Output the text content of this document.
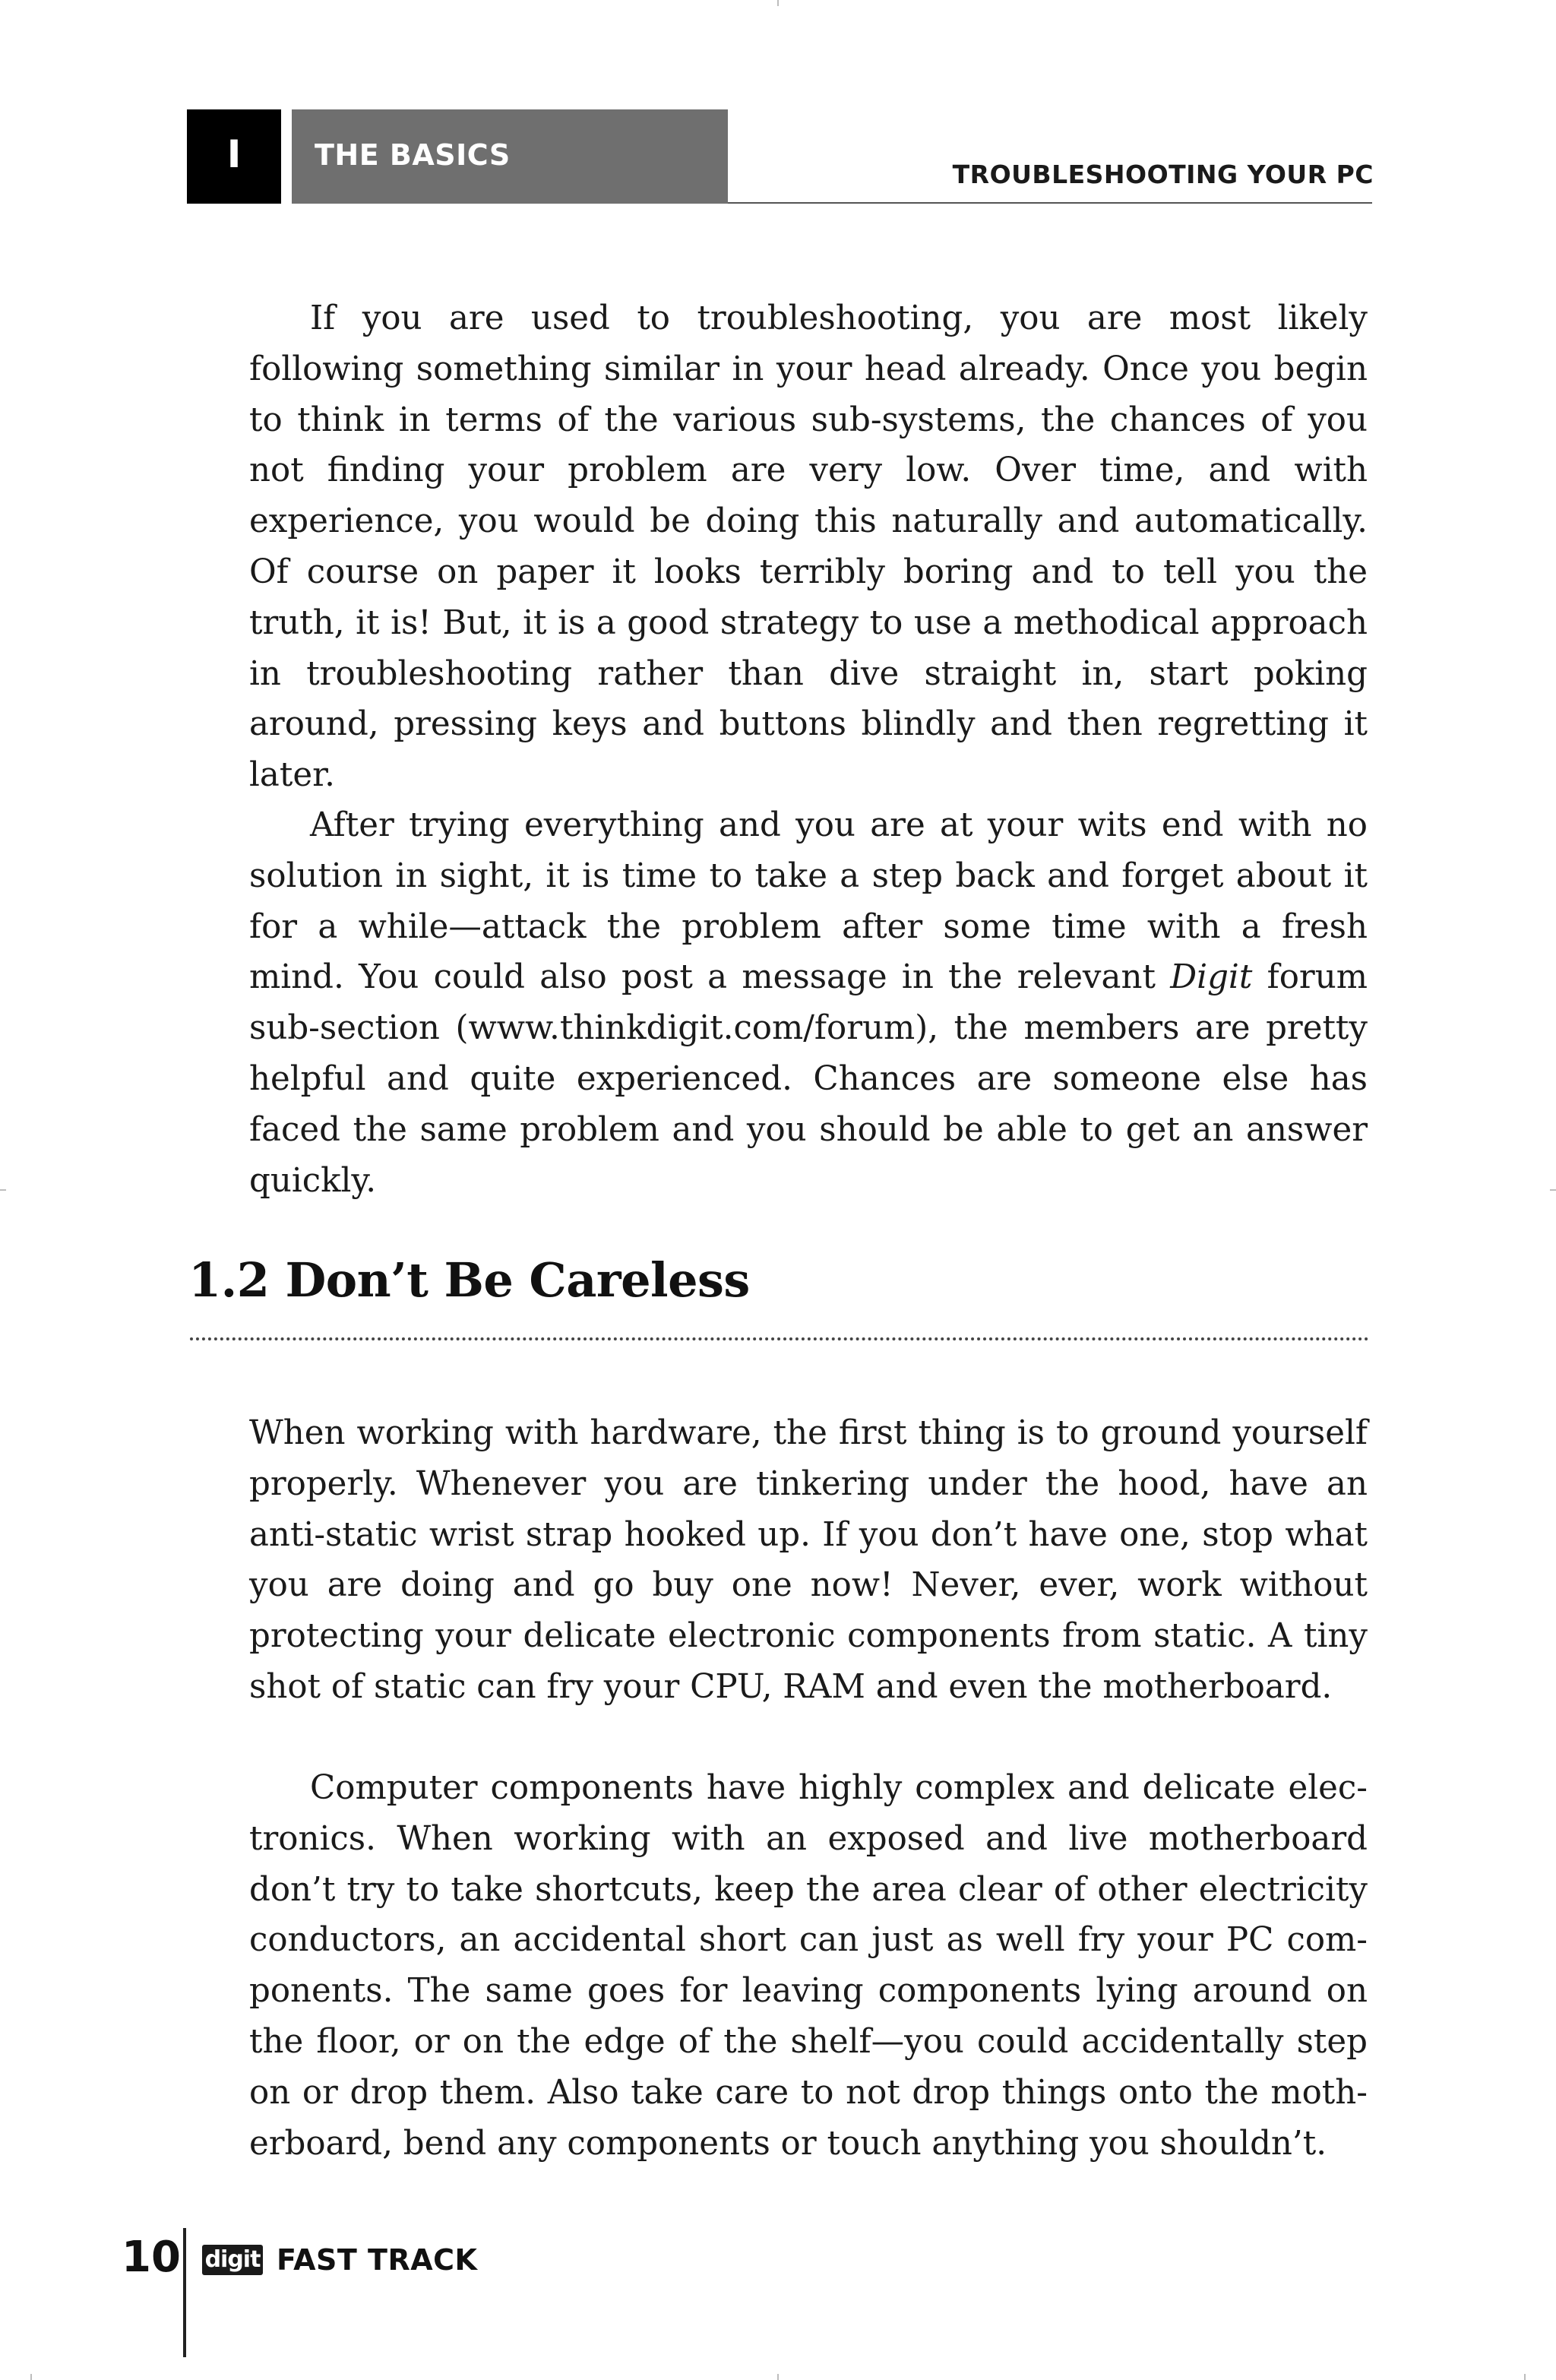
I	THE BASICS
TROUBLESHOOTING YOUR PC

If you are used to troubleshooting, you are most likely following something similar in your head already. Once you begin to think in terms of the various sub-systems, the chances of you not finding your problem are very low. Over time, and with experience, you would be doing this naturally and automatically. Of course on paper it looks terribly boring and to tell you the truth, it is! But, it is a good strategy to use a methodical approach in troubleshooting rather than dive straight in, start poking around, pressing keys and buttons blindly and then regretting it later.

After trying everything and you are at your wits end with no solution in sight, it is time to take a step back and forget about it for a while—attack the problem after some time with a fresh mind. You could also post a message in the relevant Digit forum sub-section (www.thinkdigit.com/forum), the members are pretty helpful and quite experienced. Chances are someone else has faced the same problem and you should be able to get an answer quickly.

1.2 Don’t Be Careless

When working with hardware, the first thing is to ground yourself properly. Whenever you are tinkering under the hood, have an anti-static wrist strap hooked up. If you don’t have one, stop what you are doing and go buy one now! Never, ever, work without protecting your delicate electronic components from static. A tiny shot of static can fry your CPU, RAM and even the motherboard.

Computer components have highly complex and delicate electronics. When working with an exposed and live motherboard don’t try to take shortcuts, keep the area clear of other electricity conductors, an accidental short can just as well fry your PC components. The same goes for leaving components lying around on the floor, or on the edge of the shelf—you could accidentally step on or drop them. Also take care to not drop things onto the motherboard, bend any components or touch anything you shouldn’t.

10 digit FAST TRACK
